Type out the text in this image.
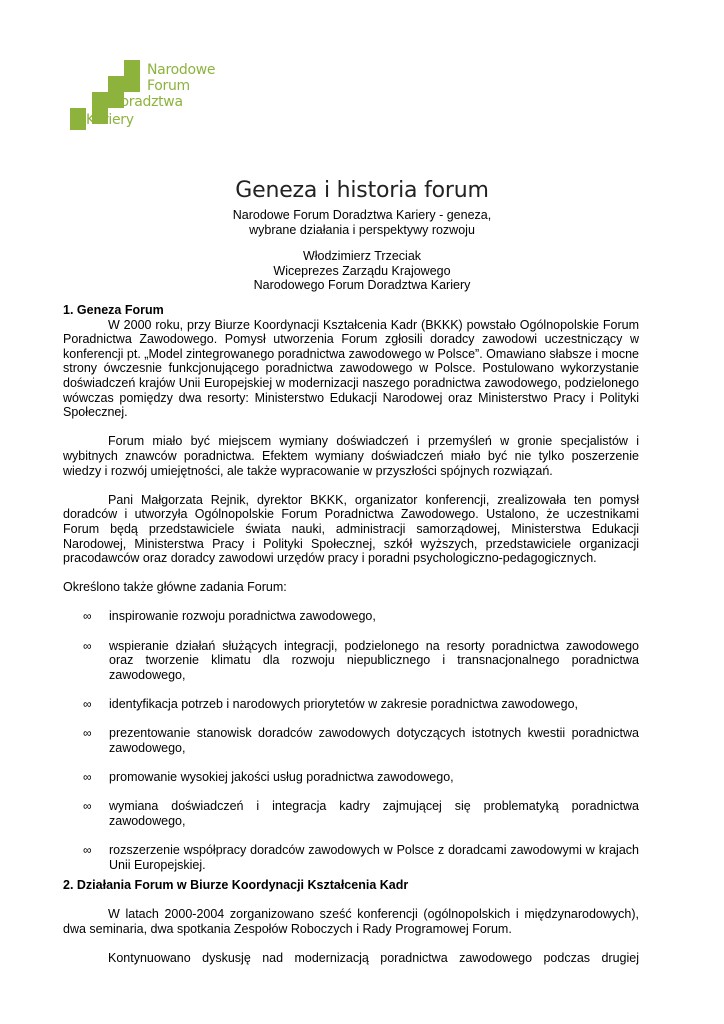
Narodowe
Forum
Doradztwa
Kariery
Geneza i historia forum
Narodowe Forum Doradztwa Kariery - geneza,
wybrane działania i perspektywy rozwoju
Włodzimierz Trzeciak
Wiceprezes Zarządu Krajowego
Narodowego Forum Doradztwa Kariery

1. Geneza Forum

W 2000 roku, przy Biurze Koordynacji Kształcenia Kadr (BKKK) powstało Ogólnopolskie Forum Poradnictwa Zawodowego. Pomysł utworzenia Forum zgłosili doradcy zawodowi uczestniczący w konferencji pt. „Model zintegrowanego poradnictwa zawodowego w Polsce”. Omawiano słabsze i mocne strony ówczesnie funkcjonującego poradnictwa zawodowego w Polsce. Postulowano wykorzystanie doświadczeń krajów Unii Europejskiej w modernizacji naszego poradnictwa zawodowego, podzielonego wówczas pomiędzy dwa resorty: Ministerstwo Edukacji Narodowej oraz Ministerstwo Pracy i Polityki Społecznej.

Forum miało być miejscem wymiany doświadczeń i przemyśleń w gronie specjalistów i wybitnych znawców poradnictwa. Efektem wymiany doświadczeń miało być nie tylko poszerzenie wiedzy i rozwój umiejętności, ale także wypracowanie w przyszłości spójnych rozwiązań.

Pani Małgorzata Rejnik, dyrektor BKKK, organizator konferencji, zrealizowała ten pomysł doradców i utworzyła Ogólnopolskie Forum Poradnictwa Zawodowego. Ustalono, że uczestnikami Forum będą przedstawiciele świata nauki, administracji samorządowej, Ministerstwa Edukacji Narodowej, Ministerstwa Pracy i Polityki Społecznej, szkół wyższych, przedstawiciele organizacji pracodawców oraz doradcy zawodowi urzędów pracy i poradni psychologiczno-pedagogicznych.

Określono także główne zadania Forum:

∞ inspirowanie rozwoju poradnictwa zawodowego,
∞ wspieranie działań służących integracji, podzielonego na resorty poradnictwa zawodowego oraz tworzenie klimatu dla rozwoju niepublicznego i transnacjonalnego poradnictwa zawodowego,
∞ identyfikacja potrzeb i narodowych priorytetów w zakresie poradnictwa zawodowego,
∞ prezentowanie stanowisk doradców zawodowych dotyczących istotnych kwestii poradnictwa zawodowego,
∞ promowanie wysokiej jakości usług poradnictwa zawodowego,
∞ wymiana doświadczeń i integracja kadry zajmującej się problematyką poradnictwa zawodowego,
∞ rozszerzenie współpracy doradców zawodowych w Polsce z doradcami zawodowymi w krajach Unii Europejskiej.

2. Działania Forum w Biurze Koordynacji Kształcenia Kadr

W latach 2000-2004 zorganizowano sześć konferencji (ogólnopolskich i międzynarodowych), dwa seminaria, dwa spotkania Zespołów Roboczych i Rady Programowej Forum.

Kontynuowano dyskusję nad modernizacją poradnictwa zawodowego podczas drugiej
